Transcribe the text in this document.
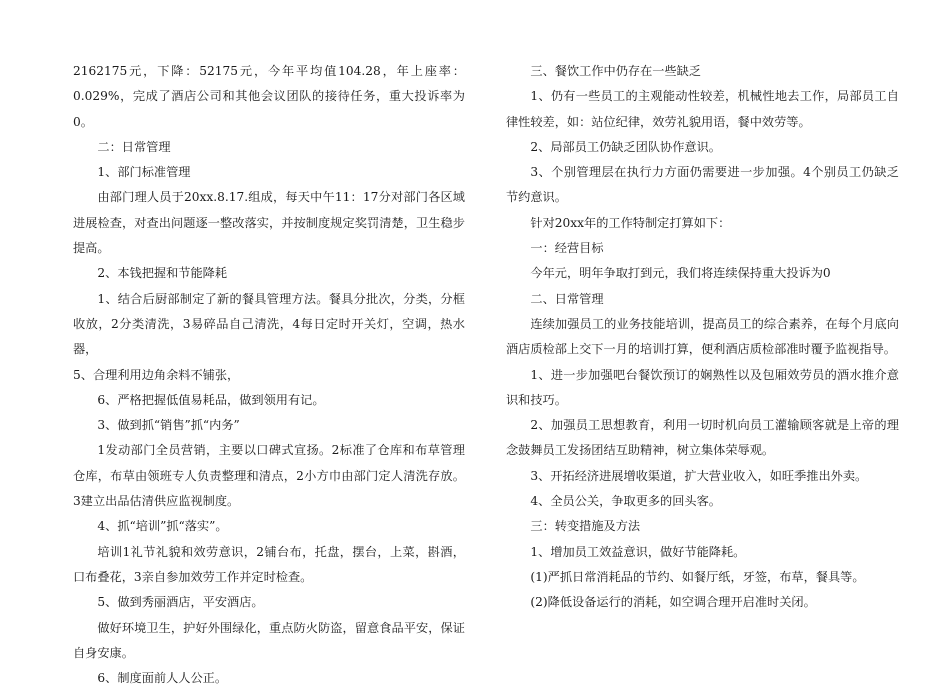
2162175元，下降：52175元，今年平均值104.28，年上座率：0.029%，完成了酒店公司和其他会议团队的接待任务，重大投诉率为0。

二：日常管理

1、部门标准管理

由部门理人员于20xx.8.17.组成，每天中午11：17分对部门各区域进展检查，对查出问题逐一整改落实，并按制度规定奖罚清楚，卫生稳步提高。

2、本钱把握和节能降耗

1、结合后厨部制定了新的餐具管理方法。餐具分批次，分类，分框收放，2分类清洗，3易碎品自己清洗，4每日定时开关灯，空调，热水器，

5、合理利用边角余料不铺张，

6、严格把握低值易耗品，做到领用有记。

3、做到抓“销售”抓“内务”

1发动部门全员营销，主要以口碑式宣扬。2标准了仓库和布草管理仓库，布草由领班专人负责整理和清点，2小方巾由部门定人清洗存放。3建立出品估清供应监视制度。

4、抓“培训”抓“落实”。

培训1礼节礼貌和效劳意识，2铺台布，托盘，摆台，上菜，斟酒，口布叠花，3亲自参加效劳工作并定时检查。

5、做到秀丽酒店，平安酒店。

做好环境卫生，护好外围绿化，重点防火防盗，留意食品平安，保证自身安康。

6、制度面前人人公正。

三、餐饮工作中仍存在一些缺乏

1、仍有一些员工的主观能动性较差，机械性地去工作，局部员工自律性较差，如：站位纪律，效劳礼貌用语，餐中效劳等。

2、局部员工仍缺乏团队协作意识。

3、个别管理层在执行力方面仍需要进一步加强。4个别员工仍缺乏节约意识。

针对20xx年的工作特制定打算如下：

一：经营目标

今年元，明年争取打到元，我们将连续保持重大投诉为0

二、日常管理

连续加强员工的业务技能培训，提高员工的综合素养，在每个月底向酒店质检部上交下一月的培训打算，便利酒店质检部准时覆予监视指导。

1、进一步加强吧台餐饮预订的娴熟性以及包厢效劳员的酒水推介意识和技巧。

2、加强员工思想教育，利用一切时机向员工灌输顾客就是上帝的理念鼓舞员工发扬团结互助精神，树立集体荣辱观。

3、开拓经济进展增收渠道，扩大营业收入，如旺季推出外卖。

4、全员公关，争取更多的回头客。

三：转变措施及方法

1、增加员工效益意识，做好节能降耗。

(1)严抓日常消耗品的节约、如餐厅纸，牙签，布草，餐具等。

(2)降低设备运行的消耗，如空调合理开启准时关闭。
